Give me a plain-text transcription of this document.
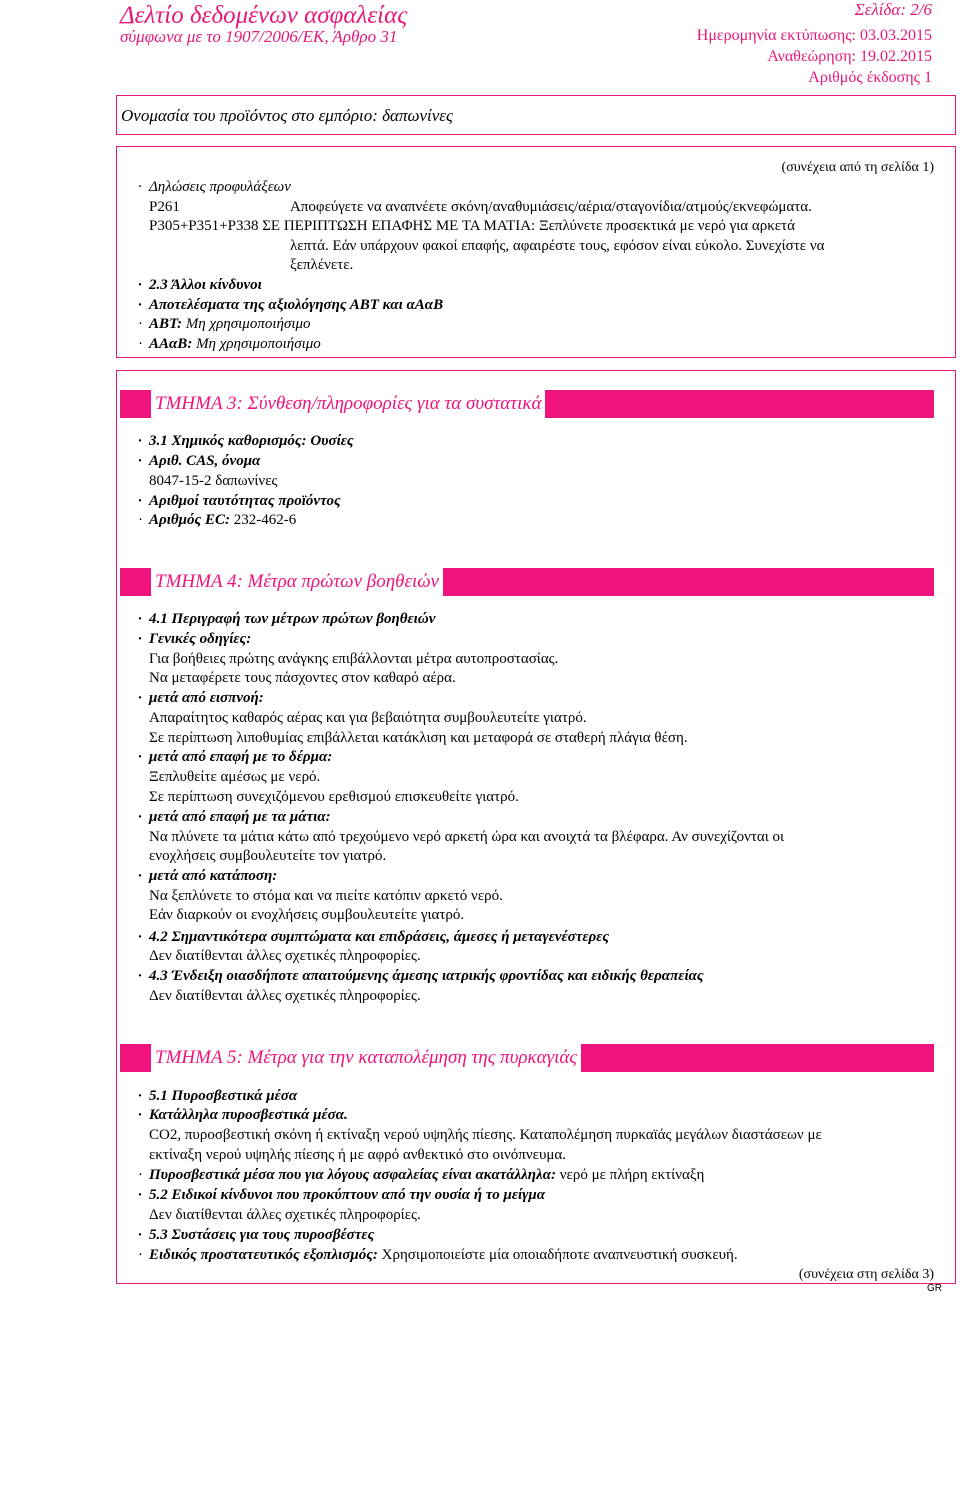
Δελτίο δεδομένων ασφαλείας
σύμφωνα με το 1907/2006/ΕΚ, Άρθρο 31
Σελίδα: 2/6
Ημερομηνία εκτύπωσης: 03.03.2015
Αναθεώρηση: 19.02.2015
Αριθμός έκδοσης 1
Ονομασία του προϊόντος στο εμπόριο: δαπωνίνες
(συνέχεια από τη σελίδα 1)
· Δηλώσεις προφυλάξεων
P261	Αποφεύγετε να αναπνέετε σκόνη/αναθυμιάσεις/αέρια/σταγονίδια/ατμούς/εκνεφώματα.
P305+P351+P338 ΣΕ ΠΕΡΙΠΤΩΣΗ ΕΠΑΦΗΣ ΜΕ ΤΑ ΜΑΤΙΑ: Ξεπλύνετε προσεκτικά με νερό για αρκετά
λεπτά. Εάν υπάρχουν φακοί επαφής, αφαιρέστε τους, εφόσον είναι εύκολο. Συνεχίστε να
ξεπλένετε.
· 2.3 Άλλοι κίνδυνοι
· Αποτελέσματα της αξιολόγησης ΑΒΤ και αΑαΒ
· ΑΒΤ: Μη χρησιμοποιήσιμο
· ΑΑαΒ: Μη χρησιμοποιήσιμο
ΤΜΗΜΑ 3: Σύνθεση/πληροφορίες για τα συστατικά
· 3.1 Χημικός καθορισμός: Ουσίες
· Αριθ. CAS, όνομα
8047-15-2 δαπωνίνες
· Αριθμοί ταυτότητας προϊόντος
· Αριθμός ΕC: 232-462-6
ΤΜΗΜΑ 4: Μέτρα πρώτων βοηθειών
· 4.1 Περιγραφή των μέτρων πρώτων βοηθειών
· Γενικές οδηγίες:
Για βοήθειες πρώτης ανάγκης επιβάλλονται μέτρα αυτοπροστασίας.
Να μεταφέρετε τους πάσχοντες στον καθαρό αέρα.
· μετά από εισπνοή:
Απαραίτητος καθαρός αέρας και για βεβαιότητα συμβουλευτείτε γιατρό.
Σε περίπτωση λιποθυμίας επιβάλλεται κατάκλιση και μεταφορά σε σταθερή πλάγια θέση.
· μετά από επαφή με το δέρμα:
Ξεπλυθείτε αμέσως με νερό.
Σε περίπτωση συνεχιζόμενου ερεθισμού επισκευθείτε γιατρό.
· μετά από επαφή με τα μάτια:
Να πλύνετε τα μάτια κάτω από τρεχούμενο νερό αρκετή ώρα και ανοιχτά τα βλέφαρα. Αν συνεχίζονται οι
ενοχλήσεις συμβουλευτείτε τον γιατρό.
· μετά από κατάποση:
Να ξεπλύνετε το στόμα και να πιείτε κατόπιν αρκετό νερό.
Εάν διαρκούν οι ενοχλήσεις συμβουλευτείτε γιατρό.
· 4.2 Σημαντικότερα συμπτώματα και επιδράσεις, άμεσες ή μεταγενέστερες
Δεν διατίθενται άλλες σχετικές πληροφορίες.
· 4.3 Ένδειξη οιασδήποτε απαιτούμενης άμεσης ιατρικής φροντίδας και ειδικής θεραπείας
Δεν διατίθενται άλλες σχετικές πληροφορίες.
ΤΜΗΜΑ 5: Μέτρα για την καταπολέμηση της πυρκαγιάς
· 5.1 Πυροσβεστικά μέσα
· Κατάλληλα πυροσβεστικά μέσα.
CO2, πυροσβεστική σκόνη ή εκτίναξη νερού υψηλής πίεσης. Καταπολέμηση πυρκαϊάς μεγάλων διαστάσεων με
εκτίναξη νερού υψηλής πίεσης ή με αφρό ανθεκτικό στο οινόπνευμα.
· Πυροσβεστικά μέσα που για λόγους ασφαλείας είναι ακατάλληλα: νερό με πλήρη εκτίναξη
· 5.2 Ειδικοί κίνδυνοι που προκύπτουν από την ουσία ή το μείγμα
Δεν διατίθενται άλλες σχετικές πληροφορίες.
· 5.3 Συστάσεις για τους πυροσβέστες
· Ειδικός προστατευτικός εξοπλισμός: Χρησιμοποιείστε μία οποιαδήποτε αναπνευστική συσκευή.
(συνέχεια στη σελίδα 3)
GR
